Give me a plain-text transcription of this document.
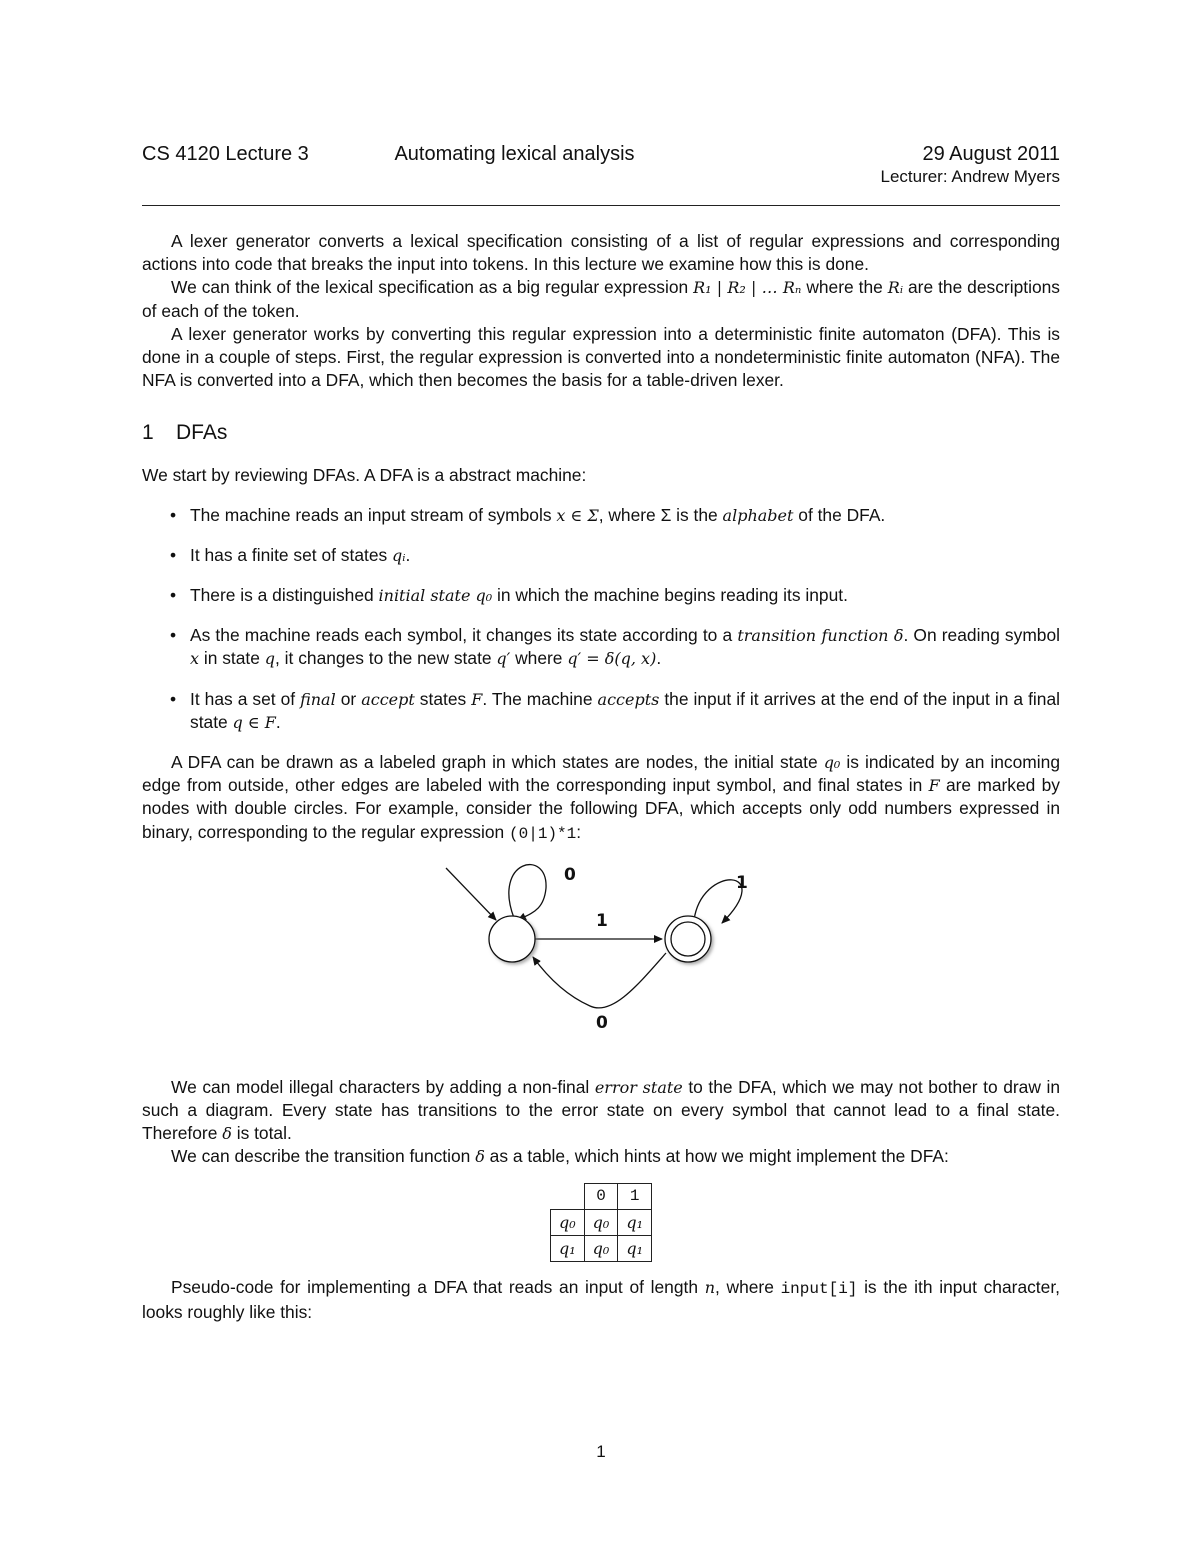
CS 4120 Lecture 3	Automating lexical analysis	29 August 2011
Lecturer: Andrew Myers

A lexer generator converts a lexical specification consisting of a list of regular expressions and corresponding actions into code that breaks the input into tokens. In this lecture we examine how this is done.

We can think of the lexical specification as a big regular expression R₁ | R₂ | … Rₙ where the Rᵢ are the descriptions of each of the token.

A lexer generator works by converting this regular expression into a deterministic finite automaton (DFA). This is done in a couple of steps. First, the regular expression is converted into a nondeterministic finite automaton (NFA). The NFA is converted into a DFA, which then becomes the basis for a table-driven lexer.

1 DFAs

We start by reviewing DFAs. A DFA is a abstract machine:

• The machine reads an input stream of symbols x ∈ Σ, where Σ is the alphabet of the DFA.
• It has a finite set of states qᵢ.
• There is a distinguished initial state q₀ in which the machine begins reading its input.
• As the machine reads each symbol, it changes its state according to a transition function δ. On reading symbol x in state q, it changes to the new state q′ where q′ = δ(q, x).
• It has a set of final or accept states F. The machine accepts the input if it arrives at the end of the input in a final state q ∈ F.

A DFA can be drawn as a labeled graph in which states are nodes, the initial state q₀ is indicated by an incoming edge from outside, other edges are labeled with the corresponding input symbol, and final states in F are marked by nodes with double circles. For example, consider the following DFA, which accepts only odd numbers expressed in binary, corresponding to the regular expression (0|1)*1:

0
1
1
0

We can model illegal characters by adding a non-final error state to the DFA, which we may not bother to draw in such a diagram. Every state has transitions to the error state on every symbol that cannot lead to a final state. Therefore δ is total.

We can describe the transition function δ as a table, which hints at how we might implement the DFA:

	0	1
q₀	q₀	q₁
q₁	q₀	q₁

Pseudo-code for implementing a DFA that reads an input of length n, where input[i] is the ith input character, looks roughly like this:

1
